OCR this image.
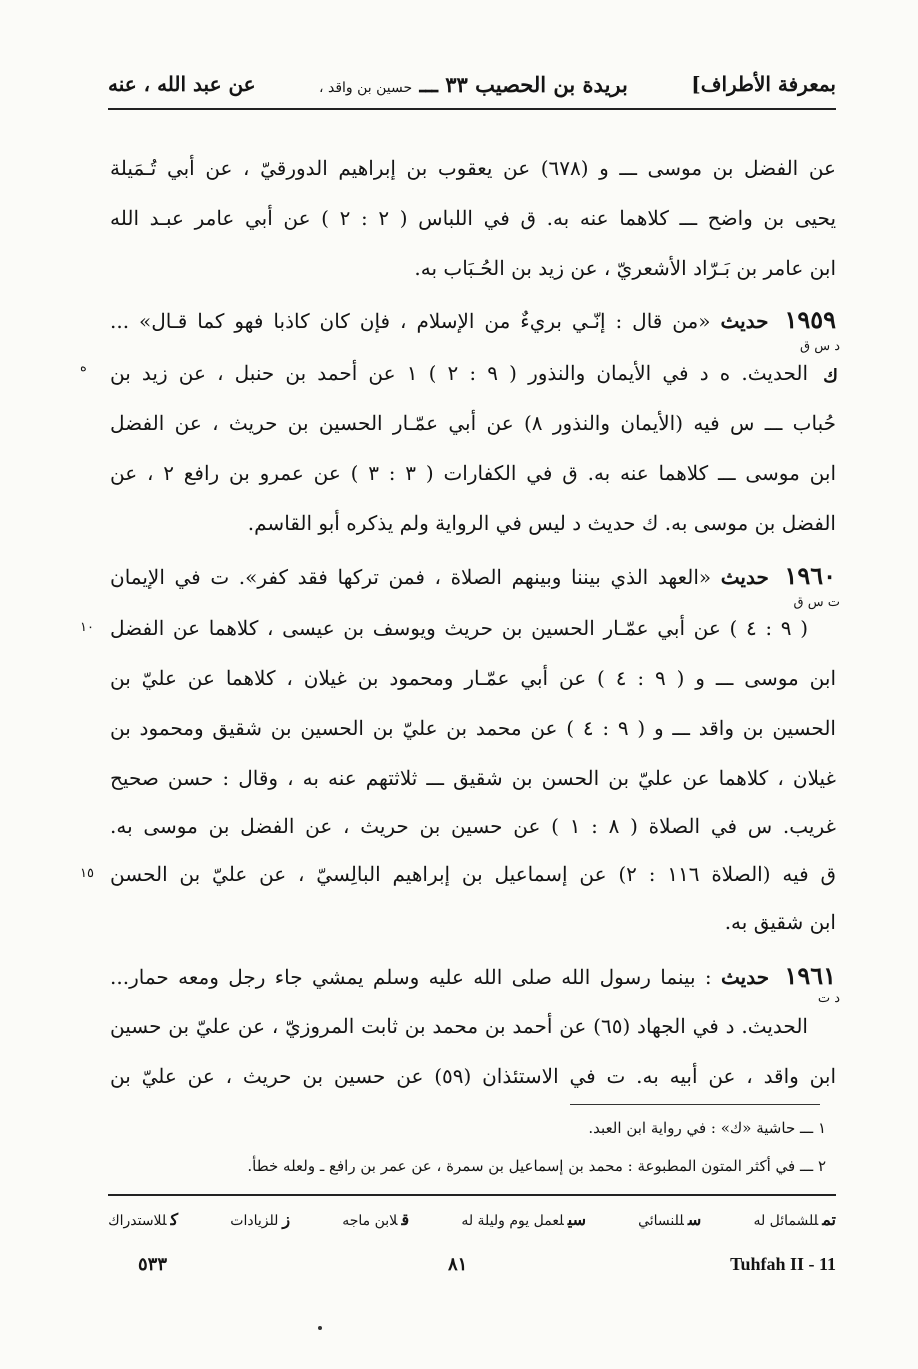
بمعرفة الأطراف]
بريدة بن الحصيب ٣٣ ـــ حسين بن واقد ،
عن عبد الله ، عنه
عن الفضل بن موسى ـــ و (٦٧٨) عن يعقوب بن إبراهيم الدورقيّ ، عن أبي تُـمَيلة
يحيى بن واضح ـــ كلاهما عنه به. ق في اللباس ( ٢ : ٢ ) عن أبي عامر عبـد الله
ابن عامر بن بَـرّاد الأشعريّ ، عن زيد بن الحُـبَاب به.
١٩٥٩ حديث «من قال : إنّـي بريءٌ من الإسلام ، فإن كان كاذبا فهو كما قـال» ...
د س ق
ك
ه الحديث. ه د في الأيمان والنذور ( ٩ : ٢ ) ١ عن أحمد بن حنبل ، عن زيد بن
حُباب ـــ س فيه (الأيمان والنذور ٨) عن أبي عمّـار الحسين بن حريث ، عن الفضل
ابن موسى ـــ كلاهما عنه به. ق في الكفارات ( ٣ : ٣ ) عن عمرو بن رافع ٢ ، عن
الفضل بن موسى به. ك حديث د ليس في الرواية ولم يذكره أبو القاسم.
١٩٦٠ حديث «العهد الذي بيننا وبينهم الصلاة ، فمن تركها فقد كفر». ت في الإيمان
ت س ق
١٠ ( ٩ : ٤ ) عن أبي عمّـار الحسين بن حريث ويوسف بن عيسى ، كلاهما عن الفضل
ابن موسى ـــ و ( ٩ : ٤ ) عن أبي عمّـار ومحمود بن غيلان ، كلاهما عن عليّ بن
الحسين بن واقد ـــ و ( ٩ : ٤ ) عن محمد بن عليّ بن الحسين بن شقيق ومحمود بن
غيلان ، كلاهما عن عليّ بن الحسن بن شقيق ـــ ثلاثتهم عنه به ، وقال : حسن صحيح
غريب. س في الصلاة ( ٨ : ١ ) عن حسين بن حريث ، عن الفضل بن موسى به.
ق فيه (الصلاة ١١٦ : ٢) عن إسماعيل بن إبراهيم البالِسيّ ، عن عليّ بن الحسن
١٥
ابن شقيق به.
١٩٦١ حديث : بينما رسول الله صلى الله عليه وسلم يمشي جاء رجل ومعه حمار...
د ت
الحديث. د في الجهاد (٦٥) عن أحمد بن محمد بن ثابت المروزيّ ، عن عليّ بن حسين
ابن واقد ، عن أبيه به. ت في الاستئذان (٥٩) عن حسين بن حريث ، عن عليّ بن
١ ـــ حاشية «ك» : في رواية ابن العبد.
٢ ـــ في أكثر المتون المطبوعة : محمد بن إسماعيل بن سمرة ، عن عمر بن رافع ـ ولعله خطأ.
تمللشمائل له
سللنسائي
سيلعمل يوم وليلة له
قلابن ماجه
زللزيادات
كللاستدراك
٥٣٣	٨١	Tuhfah II - 11
